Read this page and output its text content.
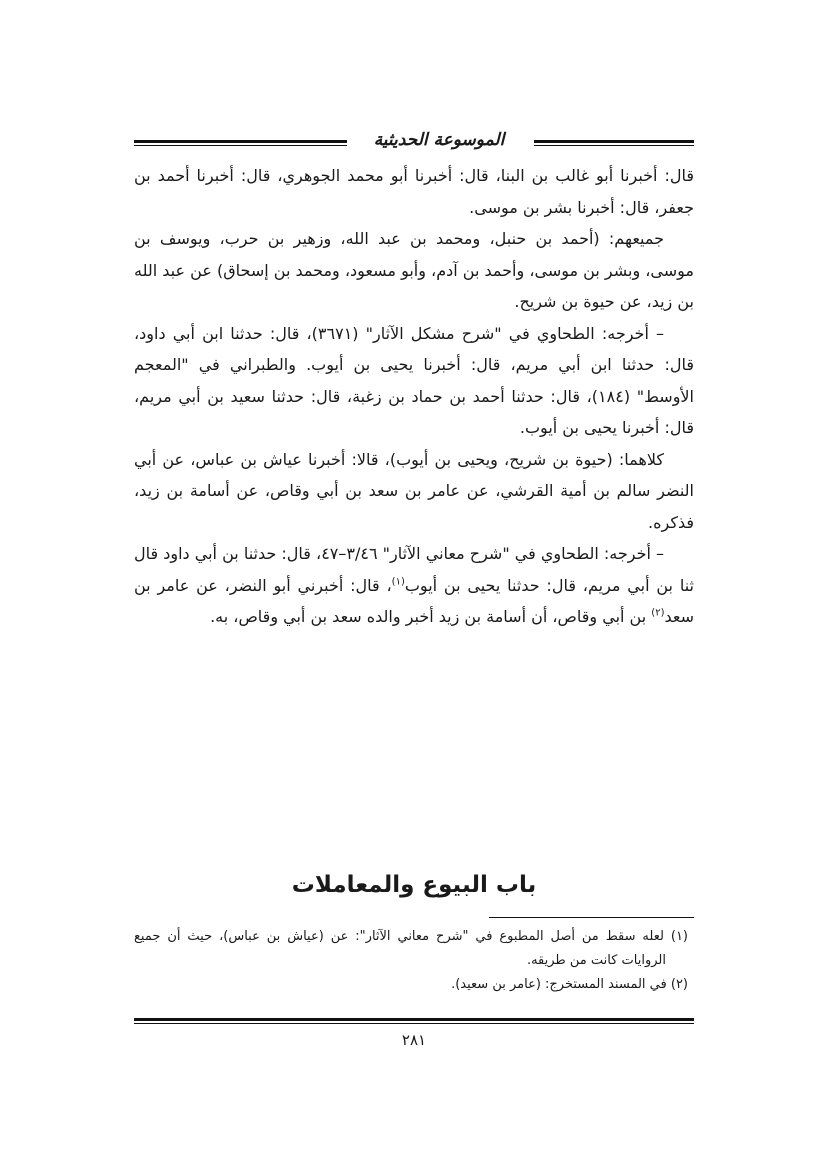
الموسوعة الحديثية

قال: أخبرنا أبو غالب بن البنا، قال: أخبرنا أبو محمد الجوهري، قال: أخبرنا أحمد بن جعفر، قال: أخبرنا بشر بن موسى.

جميعهم: (أحمد بن حنبل، ومحمد بن عبد الله، وزهير بن حرب، ويوسف بن موسى، وبشر بن موسى، وأحمد بن آدم، وأبو مسعود، ومحمد بن إسحاق) عن عبد الله بن زيد، عن حيوة بن شريح.

– أخرجه: الطحاوي في "شرح مشكل الآثار" (٣٦٧١)، قال: حدثنا ابن أبي داود، قال: حدثنا ابن أبي مريم، قال: أخبرنا يحيى بن أيوب. والطبراني في "المعجم الأوسط" (١٨٤)، قال: حدثنا أحمد بن حماد بن زغبة، قال: حدثنا سعيد بن أبي مريم، قال: أخبرنا يحيى بن أيوب.

كلاهما: (حيوة بن شريح، ويحيى بن أيوب)، قالا: أخبرنا عياش بن عباس، عن أبي النضر سالم بن أمية القرشي، عن عامر بن سعد بن أبي وقاص، عن أسامة بن زيد، فذكره.

– أخرجه: الطحاوي في "شرح معاني الآثار" ٣/٤٦–٤٧، قال: حدثنا بن أبي داود قال ثنا بن أبي مريم، قال: حدثنا يحيى بن أيوب$^{(١)}$، قال: أخبرني أبو النضر، عن عامر بن سعد$^{(٢)}$ بن أبي وقاص، أن أسامة بن زيد أخبر والده سعد بن أبي وقاص، به.

باب البيوع والمعاملات

(١) لعله سقط من أصل المطبوع في "شرح معاني الآثار": عن (عياش بن عباس)، حيث أن جميع الروايات كانت من طريقه.

(٢) في المسند المستخرج: (عامر بن سعيد).

٢٨١
